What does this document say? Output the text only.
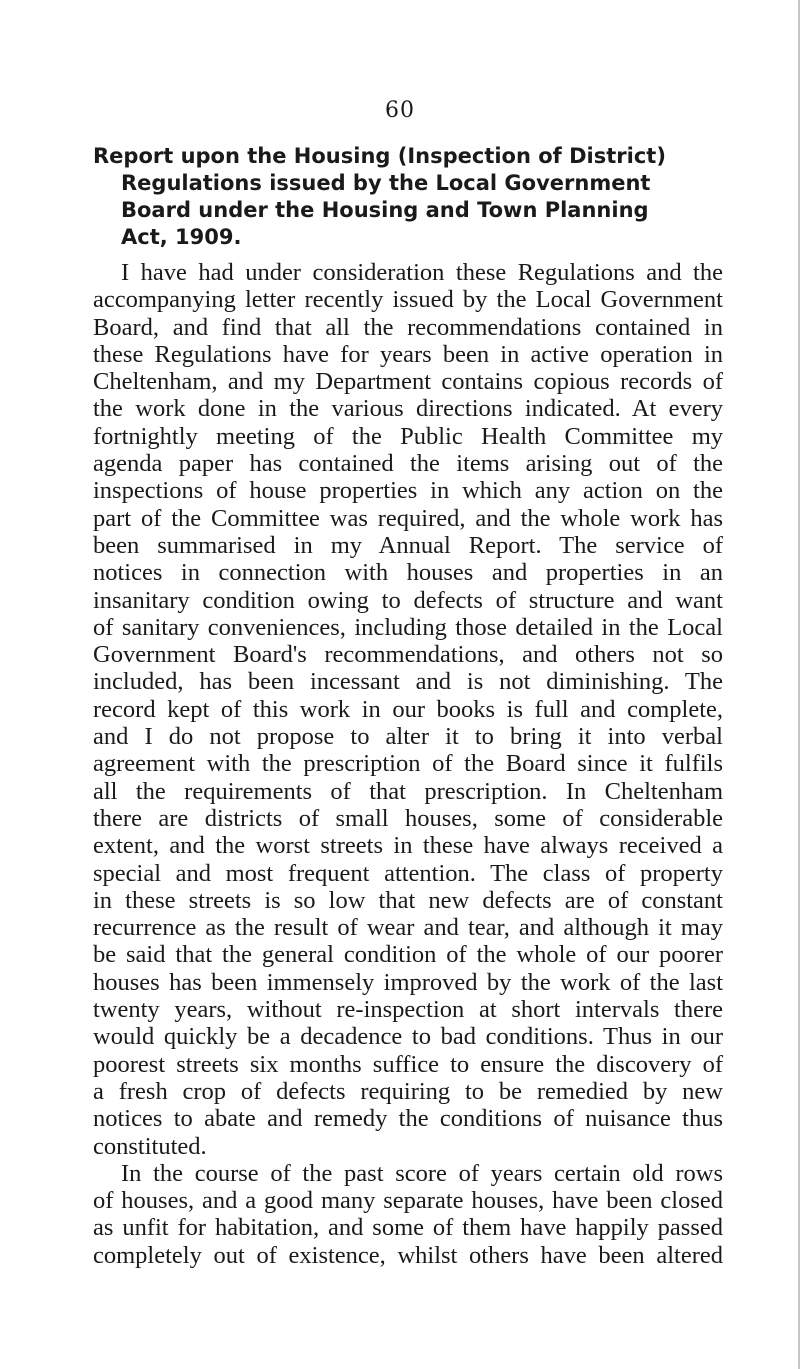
60
Report upon the Housing (Inspection of District)
Regulations issued by the Local Government
Board under the Housing and Town Planning
Act, 1909.
I have had under consideration these Regulations and the
accompanying letter recently issued by the Local Government
Board, and find that all the recommendations contained in
these Regulations have for years been in active operation in
Cheltenham, and my Department contains copious records of
the work done in the various directions indicated. At every
fortnightly meeting of the Public Health Committee my
agenda paper has contained the items arising out of the
inspections of house properties in which any action on the
part of the Committee was required, and the whole work has
been summarised in my Annual Report. The service of
notices in connection with houses and properties in an
insanitary condition owing to defects of structure and want
of sanitary conveniences, including those detailed in the Local
Government Board's recommendations, and others not so
included, has been incessant and is not diminishing. The
record kept of this work in our books is full and complete,
and I do not propose to alter it to bring it into verbal
agreement with the prescription of the Board since it fulfils
all the requirements of that prescription. In Cheltenham
there are districts of small houses, some of considerable
extent, and the worst streets in these have always received a
special and most frequent attention. The class of property
in these streets is so low that new defects are of constant
recurrence as the result of wear and tear, and although it may
be said that the general condition of the whole of our poorer
houses has been immensely improved by the work of the last
twenty years, without re-inspection at short intervals there
would quickly be a decadence to bad conditions. Thus in our
poorest streets six months suffice to ensure the discovery of
a fresh crop of defects requiring to be remedied by new
notices to abate and remedy the conditions of nuisance thus
constituted.
In the course of the past score of years certain old rows
of houses, and a good many separate houses, have been closed
as unfit for habitation, and some of them have happily passed
completely out of existence, whilst others have been altered
